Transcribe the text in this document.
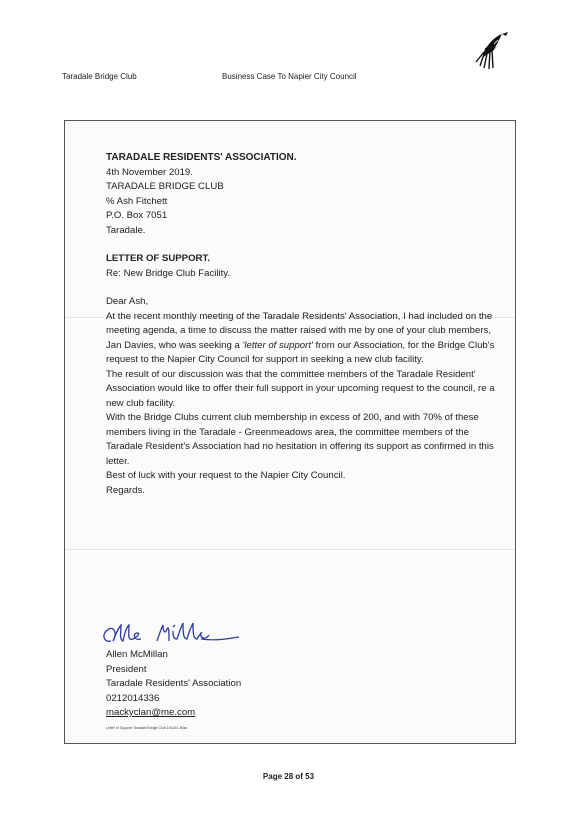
Taradale Bridge Club	Business Case To Napier City Council

TARADALE RESIDENTS' ASSOCIATION.

4th November 2019.

TARADALE BRIDGE CLUB

% Ash Fitchett

P.O. Box 7051

Taradale.

LETTER OF SUPPORT.

Re: New Bridge Club Facility.

Dear Ash,

At the recent monthly meeting of the Taradale Residents' Association, I had included on the meeting agenda, a time to discuss the matter raised with me by one of your club members, Jan Davies, who was seeking a 'letter of support' from our Association, for the Bridge Club's request to the Napier City Council for support in seeking a new club facility.

The result of our discussion was that the committee members of the Taradale Resident' Association would like to offer their full support in your upcoming request to the council, re a new club facility.

With the Bridge Clubs current club membership in excess of 200, and with 70% of these members living in the Taradale - Greenmeadows area, the committee members of the Taradale Resident's Association had no hesitation in offering its support as confirmed in this letter.

Best of luck with your request to the Napier City Council.

Regards.

Allen McMillan

President

Taradale Residents' Association

0212014336

mackyclan@me.com

Letter of Support Taradale Bridge Club 191104 JMac
Page 28 of 53
